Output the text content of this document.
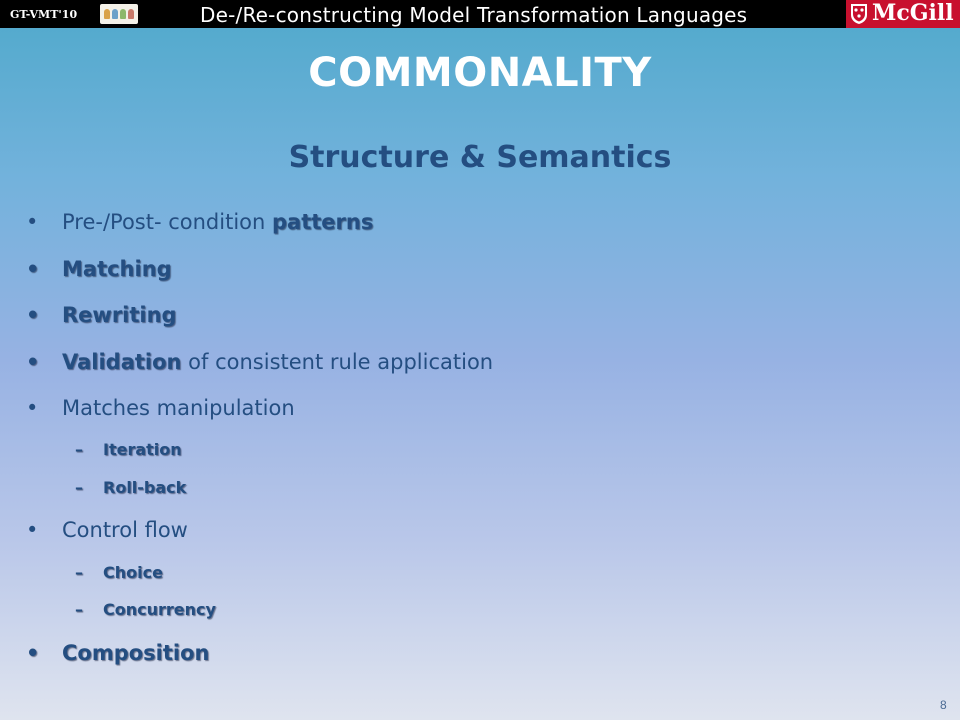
GT-VMT'10	De-/Re-constructing Model Transformation Languages	McGill
COMMONALITY
Structure & Semantics
• Pre-/Post- condition patterns
• Matching
• Rewriting
• Validation of consistent rule application
• Matches manipulation
– Iteration
– Roll-back
• Control flow
– Choice
– Concurrency
• Composition
8
